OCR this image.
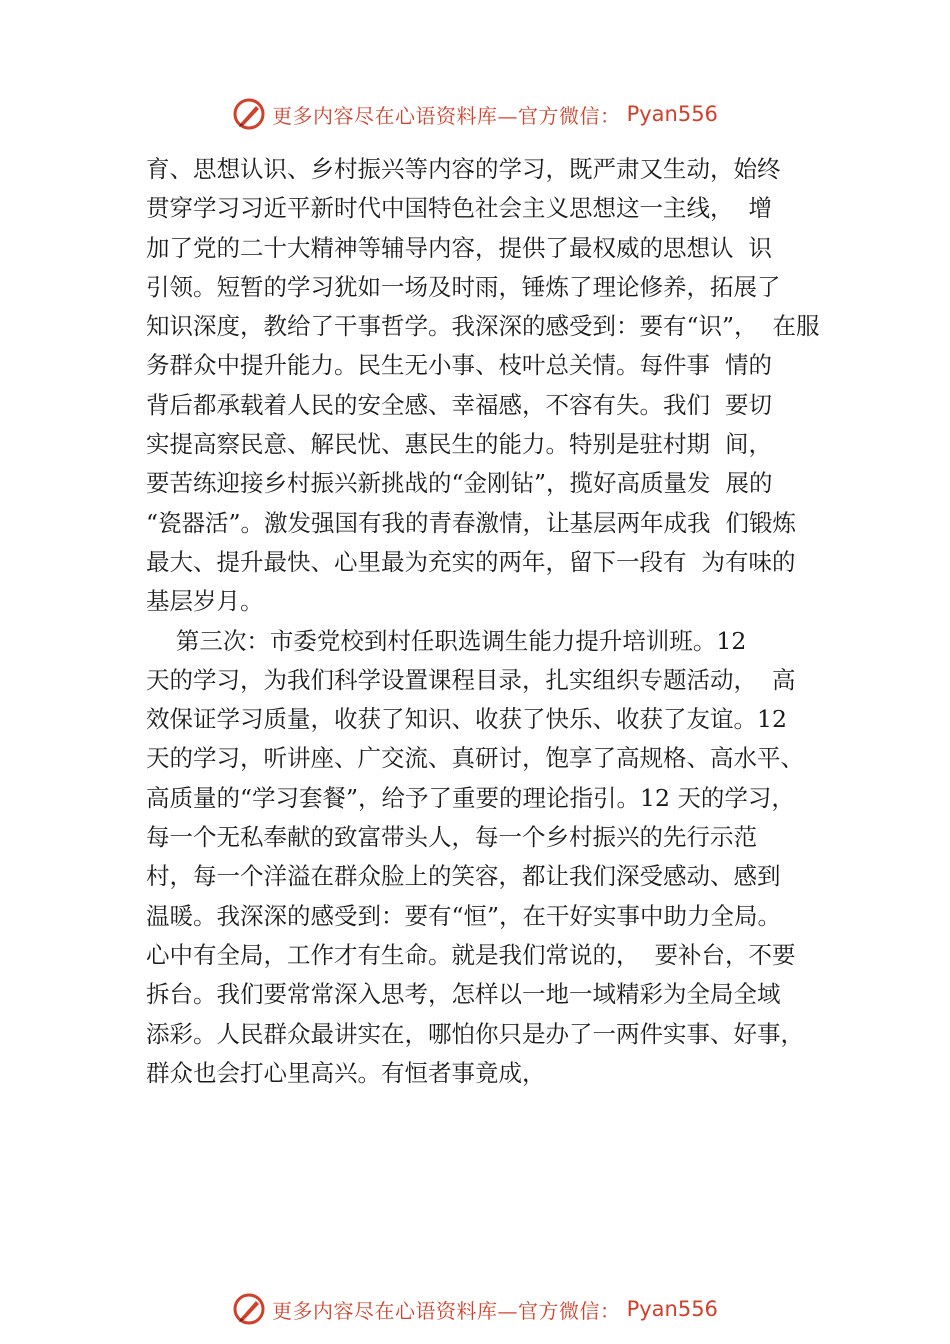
更多内容尽在心语资料库—官方微信： Pyan556
育、思想认识、乡村振兴等内容的学习，既严肃又生动，始终
贯穿学习习近平新时代中国特色社会主义思想这一主线，  增
加了党的二十大精神等辅导内容，提供了最权威的思想认  识
引领。短暂的学习犹如一场及时雨，锤炼了理论修养，拓展了
知识深度，教给了干事哲学。我深深的感受到：要有“识”，  在服
务群众中提升能力。民生无小事、枝叶总关情。每件事  情的
背后都承载着人民的安全感、幸福感，不容有失。我们  要切
实提高察民意、解民忧、惠民生的能力。特别是驻村期  间，
要苦练迎接乡村振兴新挑战的“金刚钻”，揽好高质量发  展的
“瓷器活”。激发强国有我的青春激情，让基层两年成我  们锻炼
最大、提升最快、心里最为充实的两年，留下一段有  为有味的
基层岁月。
第三次：市委党校到村任职选调生能力提升培训班。12
天的学习，为我们科学设置课程目录，扎实组织专题活动，  高
效保证学习质量，收获了知识、收获了快乐、收获了友谊。12
天的学习，听讲座、广交流、真研讨，饱享了高规格、高水平、
高质量的“学习套餐”，给予了重要的理论指引。12 天的学习，
每一个无私奉献的致富带头人，每一个乡村振兴的先行示范
村，每一个洋溢在群众脸上的笑容，都让我们深受感动、感到
温暖。我深深的感受到：要有“恒”，在干好实事中助力全局。
心中有全局，工作才有生命。就是我们常说的，  要补台，不要
拆台。我们要常常深入思考，怎样以一地一域精彩为全局全域
添彩。人民群众最讲实在，哪怕你只是办了一两件实事、好事，
群众也会打心里高兴。有恒者事竟成，
更多内容尽在心语资料库—官方微信： Pyan556
